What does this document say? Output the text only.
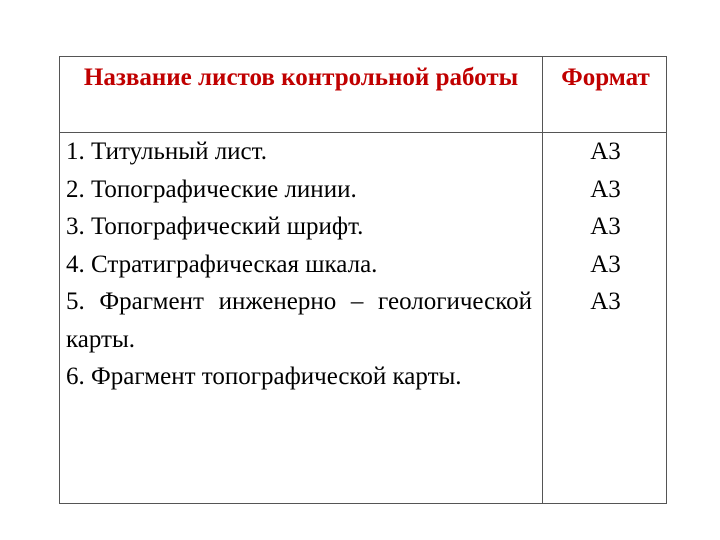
Название листов контрольной работы	Формат

1. Титульный лист.

2. Топографические линии.

3. Топографический шрифт.

4. Стратиграфическая шкала.

5. Фрагмент инженерно – геологической карты.

6. Фрагмент топографической карты.

А3
А3
А3
А3
А3
